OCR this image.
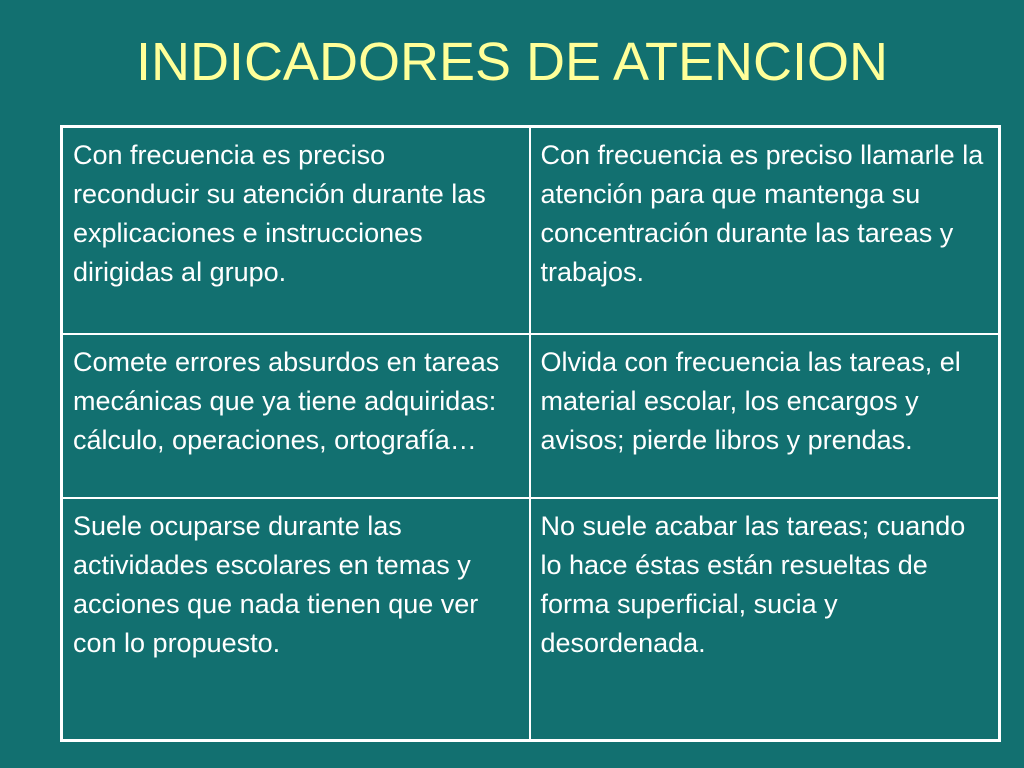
INDICADORES DE ATENCION
Con frecuencia es preciso reconducir su atención durante las explicaciones e instrucciones dirigidas al grupo.	Con frecuencia es preciso llamarle la atención para que mantenga su concentración durante las tareas y trabajos.
Comete errores absurdos en tareas mecánicas que ya tiene adquiridas: cálculo, operaciones, ortografía…	Olvida con frecuencia las tareas, el material escolar, los encargos y avisos; pierde libros y prendas.
Suele ocuparse durante las actividades escolares en temas y acciones que nada tienen que ver con lo propuesto.	No suele acabar las tareas; cuando lo hace éstas están resueltas de forma superficial, sucia y desordenada.
